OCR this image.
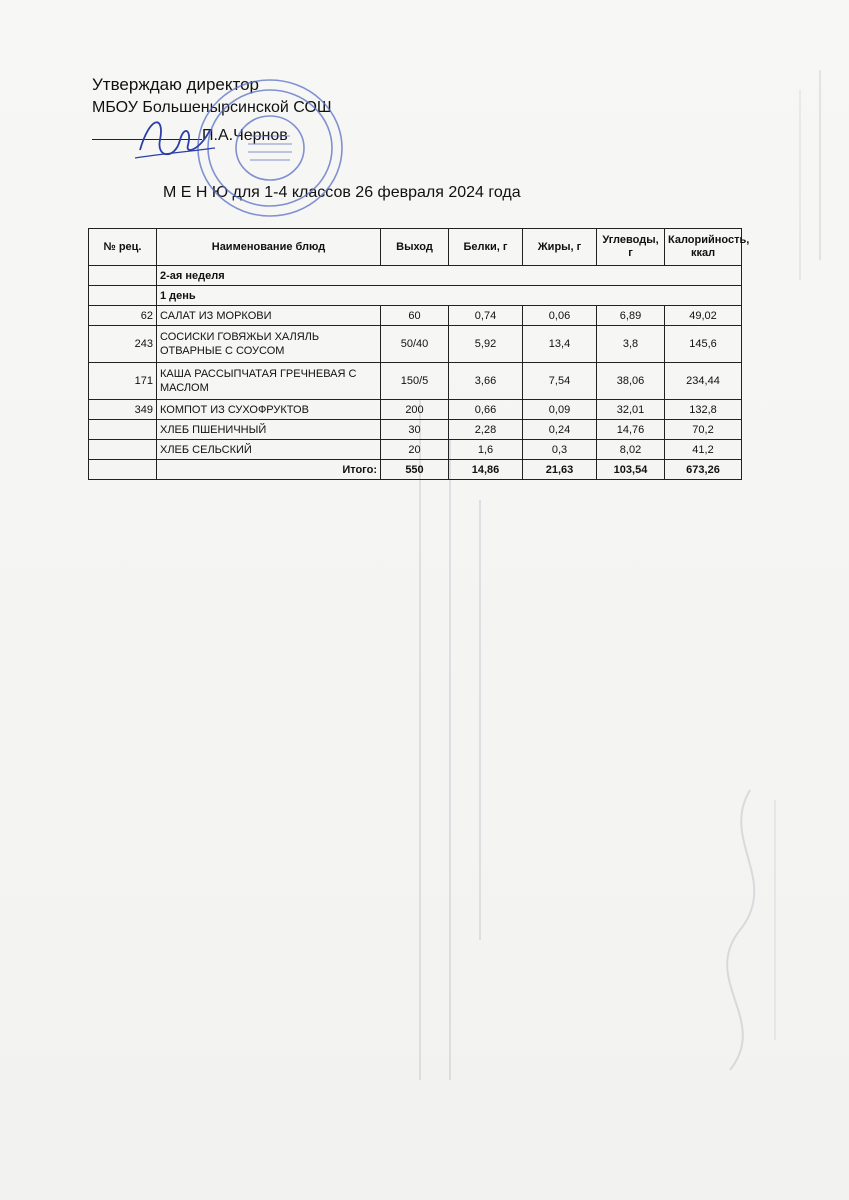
Утверждаю директор
МБОУ Большенырсинской СОШ
П.А.Чернов
М Е Н Ю для 1-4 классов 26 февраля 2024 года
№ рец.	Наименование блюд	Выход	Белки, г	Жиры, г	Углеводы, г	Калорийность, ккал
	2-ая неделя					
	1 день					
62	САЛАТ ИЗ МОРКОВИ	60	0,74	0,06	6,89	49,02
243	СОСИСКИ ГОВЯЖЬИ ХАЛЯЛЬ ОТВАРНЫЕ С СОУСОМ	50/40	5,92	13,4	3,8	145,6
171	КАША РАССЫПЧАТАЯ ГРЕЧНЕВАЯ С МАСЛОМ	150/5	3,66	7,54	38,06	234,44
349	КОМПОТ ИЗ СУХОФРУКТОВ	200	0,66	0,09	32,01	132,8
	ХЛЕБ ПШЕНИЧНЫЙ	30	2,28	0,24	14,76	70,2
	ХЛЕБ СЕЛЬСКИЙ	20	1,6	0,3	8,02	41,2
	Итого:	550	14,86	21,63	103,54	673,26
